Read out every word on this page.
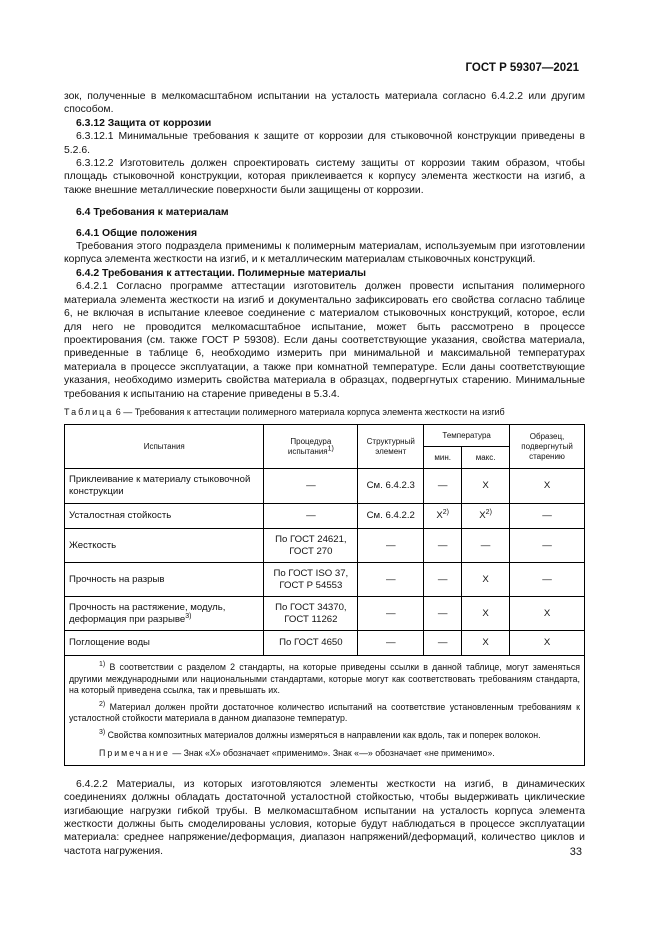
ГОСТ Р 59307—2021

зок, полученные в мелкомасштабном испытании на усталость материала согласно 6.4.2.2 или другим способом.

6.3.12 Защита от коррозии

6.3.12.1 Минимальные требования к защите от коррозии для стыковочной конструкции приведены в 5.2.6.

6.3.12.2 Изготовитель должен спроектировать систему защиты от коррозии таким образом, чтобы площадь стыковочной конструкции, которая приклеивается к корпусу элемента жесткости на изгиб, а также внешние металлические поверхности были защищены от коррозии.

6.4 Требования к материалам

6.4.1 Общие положения

Требования этого подраздела применимы к полимерным материалам, используемым при изготовлении корпуса элемента жесткости на изгиб, и к металлическим материалам стыковочных конструкций.

6.4.2 Требования к аттестации. Полимерные материалы

6.4.2.1 Согласно программе аттестации изготовитель должен провести испытания полимерного материала элемента жесткости на изгиб и документально зафиксировать его свойства согласно таблице 6, не включая в испытание клеевое соединение с материалом стыковочных конструкций, которое, если для него не проводится мелкомасштабное испытание, может быть рассмотрено в процессе проектирования (см. также ГОСТ Р 59308). Если даны соответствующие указания, свойства материала, приведенные в таблице 6, необходимо измерить при минимальной и максимальной температурах материала в процессе эксплуатации, а также при комнатной температуре. Если даны соответствующие указания, необходимо измерить свойства материала в образцах, подвергнутых старению. Минимальные требования к испытанию на старение приведены в 5.3.4.

Таблица 6 — Требования к аттестации полимерного материала корпуса элемента жесткости на изгиб
Испытания	Процедура испытания$^{1)}$	Структурный элемент	Температура		Образец, подвергнутый старению
			мин.	макс.	
Приклеивание к материалу стыковочной конструкции	—	См. 6.4.2.3	—	X	X
Усталостная стойкость	—	См. 6.4.2.2	$X^{2)}$	$X^{2)}$	—
Жесткость	По ГОСТ 24621, ГОСТ 270	—	—	—	—
Прочность на разрыв	По ГОСТ ISO 37, ГОСТ Р 54553	—	—	X	—
Прочность на растяжение, модуль, деформация при разрыве$^{3)}$	По ГОСТ 34370, ГОСТ 11262	—	—	X	X
Поглощение воды	По ГОСТ 4650	—	—	X	X

$^{1)}$ В соответствии с разделом 2 стандарты, на которые приведены ссылки в данной таблице, могут заменяться другими международными или национальными стандартами, которые могут как соответствовать требованиям стандарта, на который приведена ссылка, так и превышать их.

$^{2)}$ Материал должен пройти достаточное количество испытаний на соответствие установленным требованиям к усталостной стойкости материала в данном диапазоне температур.

$^{3)}$ Свойства композитных материалов должны измеряться в направлении как вдоль, так и поперек волокон.

Примечание — Знак «X» обозначает «применимо». Знак «—» обозначает «не применимо».					

6.4.2.2 Материалы, из которых изготовляются элементы жесткости на изгиб, в динамических соединениях должны обладать достаточной усталостной стойкостью, чтобы выдерживать циклические изгибающие нагрузки гибкой трубы. В мелкомасштабном испытании на усталость корпуса элемента жесткости должны быть смоделированы условия, которые будут наблюдаться в процессе эксплуатации материала: среднее напряжение/деформация, диапазон напряжений/деформаций, количество циклов и частота нагружения.	33
